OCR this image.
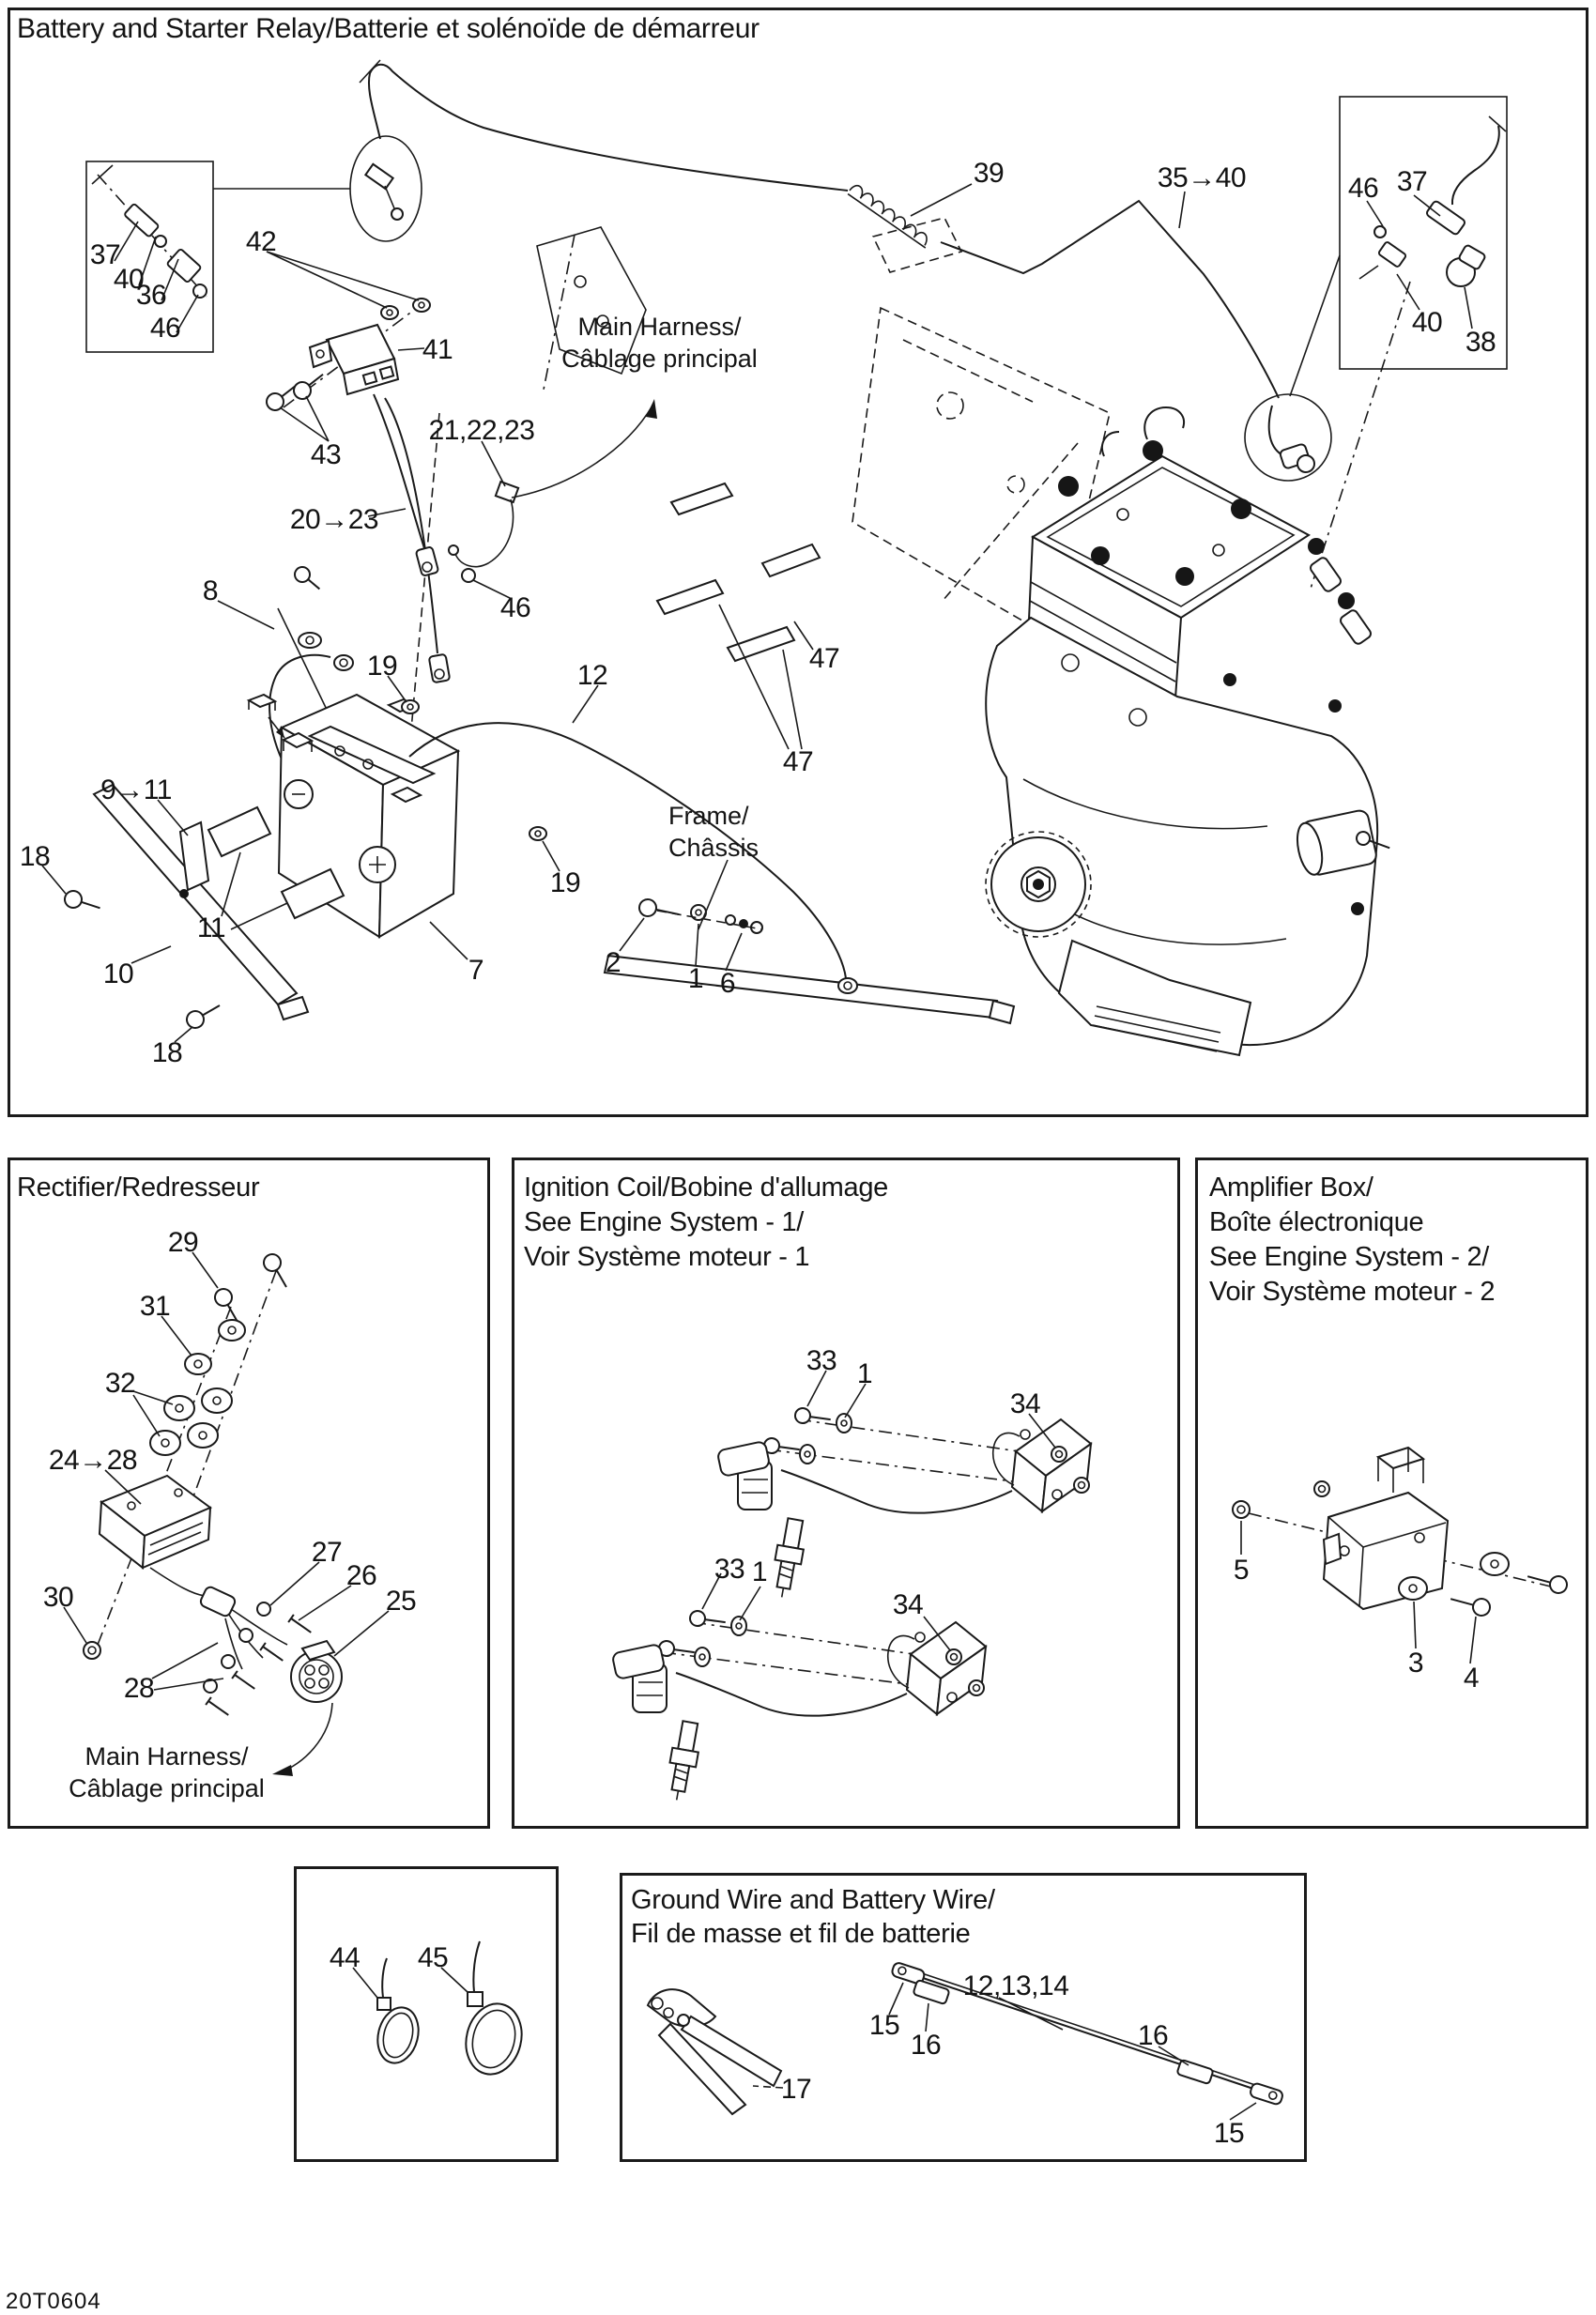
37
40
36
46
42
41
43
21,22,23
20→23
46
8
19	12
9→11
18
11
10	7
19
2
1 6
18
39	35→40	46 37
40
38
47
47
29
31
32
24→28
30
28
27
26
25
33 1
34
33 1
34
5
3 4
44 45
17
15
16
12,13,14
16
15
Battery and Starter Relay/Batterie et solénoïde de démarreur
Main Harness/
Câblage principal
Frame/
Châssis
Rectifier/Redresseur
Main Harness/
Câblage principal
Ignition Coil/Bobine d'allumage
See Engine System - 1/
Voir Système moteur - 1
Amplifier Box/
Boîte électronique
See Engine System - 2/
Voir Système moteur - 2
Ground Wire and Battery Wire/
Fil de masse et fil de batterie
20T0604
